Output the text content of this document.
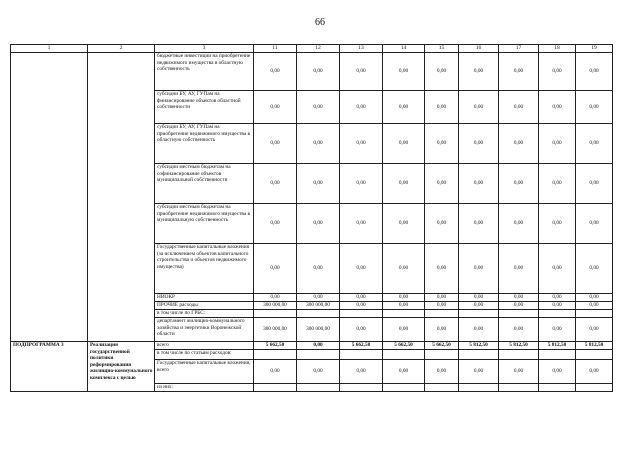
66
1	2	3	11	12	13	14	15	16	17	18	19
		бюджетные инвестиции на приобретение недвижимого имущества в областную собственность	0,00	0,00	0,00	0,00	0,00	0,00	0,00	0,00	0,00
		субсидии БУ, АУ, ГУПам на финансирование объектов областной собственности	0,00	0,00	0,00	0,00	0,00	0,00	0,00	0,00	0,00
		субсидии БУ, АУ, ГУПам на приобретение недвижимого имущества в областную собственность	0,00	0,00	0,00	0,00	0,00	0,00	0,00	0,00	0,00
		субсидии местным бюджетам на софинансирование объектов муниципальной собственности	0,00	0,00	0,00	0,00	0,00	0,00	0,00	0,00	0,00
		субсидии местным бюджетам на приобретение недвижимого имущества в муниципальную собственность	0,00	0,00	0,00	0,00	0,00	0,00	0,00	0,00	0,00
		Государственные капитальные вложения (за исключением объектов капитального строительства и объектов недвижимого имущества)	0,00	0,00	0,00	0,00	0,00	0,00	0,00	0,00	0,00
		НИОКР	0,00	0,00	0,00	0,00	0,00	0,00	0,00	0,00	0,00
		ПРОЧИЕ расходы	300 000,00	300 000,00	0,00	0,00	0,00	0,00	0,00	0,00	0,00
		в том числе по ГРБС:									
		департамент жилищно-коммунального хозяйства и энергетики Воронежской области	300 000,00	300 000,00	0,00	0,00	0,00	0,00	0,00	0,00	0,00
ПОДПРОГРАММА 3	Реализация государственной политики реформирования жилищно-коммунального комплекса с целью	всего	5 662,50	0,00	5 662,50	5 662,50	5 662,50	5 812,50	5 812,50	5 812,50	5 812,50
		в том числе по статьям расходов:									
		Государственные капитальные вложения, всего	0,00	0,00	0,00	0,00	0,00	0,00	0,00	0,00	0,00
		из них:									
